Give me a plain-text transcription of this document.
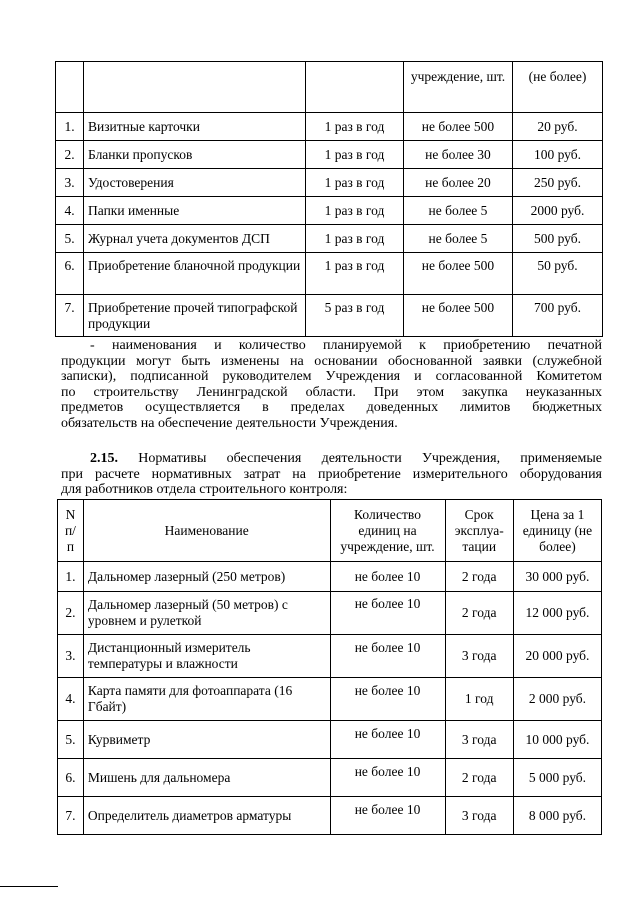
			учреждение, шт.	(не более)
1.	Визитные карточки	1 раз в год	не более 500	20 руб.
2.	Бланки пропусков	1 раз в год	не более 30	100 руб.
3.	Удостоверения	1 раз в год	не более 20	250 руб.
4.	Папки именные	1 раз в год	не более 5	2000 руб.
5.	Журнал учета документов ДСП	1 раз в год	не более 5	500 руб.
6.	Приобретение бланочной продукции	1 раз в год	не более 500	50 руб.
7.	Приобретение прочей типографской продукции	5 раз в год	не более 500	700 руб.
- наименования и количество планируемой к приобретению печатной
продукции могут быть изменены на основании обоснованной заявки (служебной
записки), подписанной руководителем Учреждения и согласованной Комитетом
по строительству Ленинградской области. При этом закупка неуказанных
предметов осуществляется в пределах доведенных лимитов бюджетных
обязательств на обеспечение деятельности Учреждения.
2.15. Нормативы обеспечения деятельности Учреждения, применяемые
при расчете нормативных затрат на приобретение измерительного оборудования
для работников отдела строительного контроля:
N п/ п	Наименование	Количество единиц на учреждение, шт.	Срок эксплуа-тации	Цена за 1 единицу (не более)
1.	Дальномер лазерный (250 метров)	не более 10	2 года	30 000 руб.
2.	Дальномер лазерный (50 метров) с уровнем и рулеткой	не более 10	2 года	12 000 руб.
3.	Дистанционный измеритель температуры и влажности	не более 10	3 года	20 000 руб.
4.	Карта памяти для фотоаппарата (16 Гбайт)	не более 10	1 год	2 000 руб.
5.	Курвиметр	не более 10	3 года	10 000 руб.
6.	Мишень для дальномера	не более 10	2 года	5 000 руб.
7.	Определитель диаметров арматуры	не более 10	3 года	8 000 руб.
